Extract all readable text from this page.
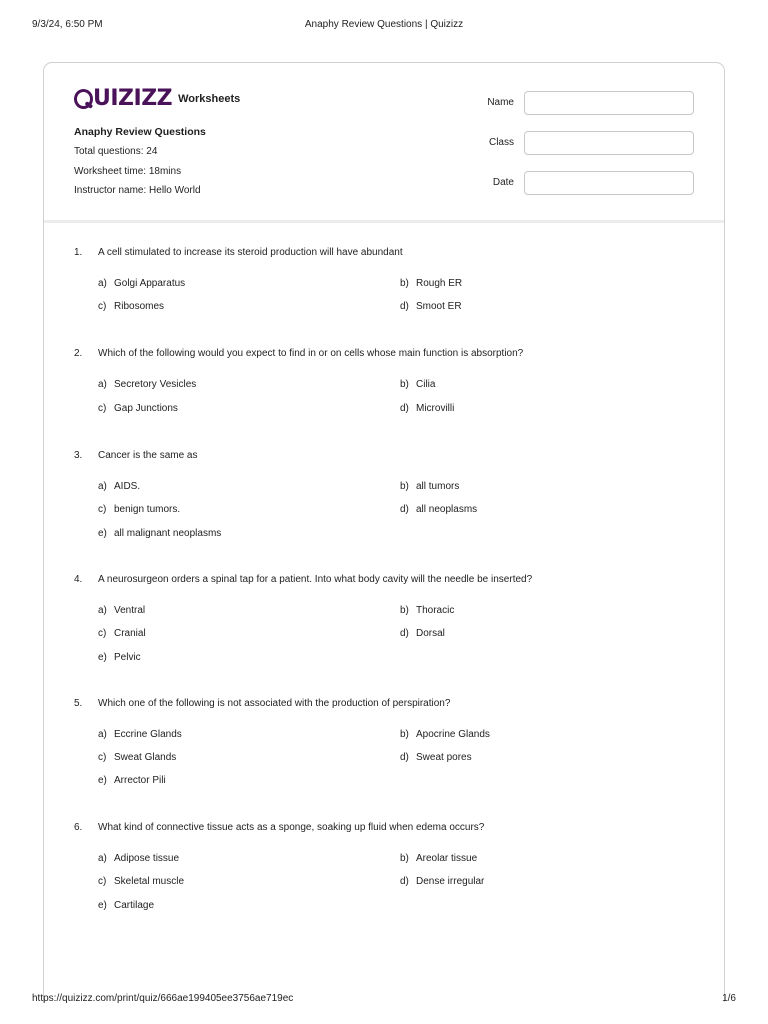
9/3/24, 6:50 PM	Anaphy Review Questions | Quizizz
UIZIZZ Worksheets
Anaphy Review Questions
Total questions: 24
Worksheet time: 18mins
Instructor name: Hello World
Name
Class
Date
1. A cell stimulated to increase its steroid production will have abundant
a) Golgi Apparatus	b) Rough ER
c) Ribosomes	d) Smoot ER
2. Which of the following would you expect to find in or on cells whose main function is absorption?
a) Secretory Vesicles	b) Cilia
c) Gap Junctions	d) Microvilli
3. Cancer is the same as
a) AIDS.	b) all tumors
c) benign tumors.	d) all neoplasms
e) all malignant neoplasms
4. A neurosurgeon orders a spinal tap for a patient. Into what body cavity will the needle be inserted?
a) Ventral	b) Thoracic
c) Cranial	d) Dorsal
e) Pelvic
5. Which one of the following is not associated with the production of perspiration?
a) Eccrine Glands	b) Apocrine Glands
c) Sweat Glands	d) Sweat pores
e) Arrector Pili
6. What kind of connective tissue acts as a sponge, soaking up fluid when edema occurs?
a) Adipose tissue	b) Areolar tissue
c) Skeletal muscle	d) Dense irregular
e) Cartilage
https://quizizz.com/print/quiz/666ae199405ee3756ae719ec	1/6
